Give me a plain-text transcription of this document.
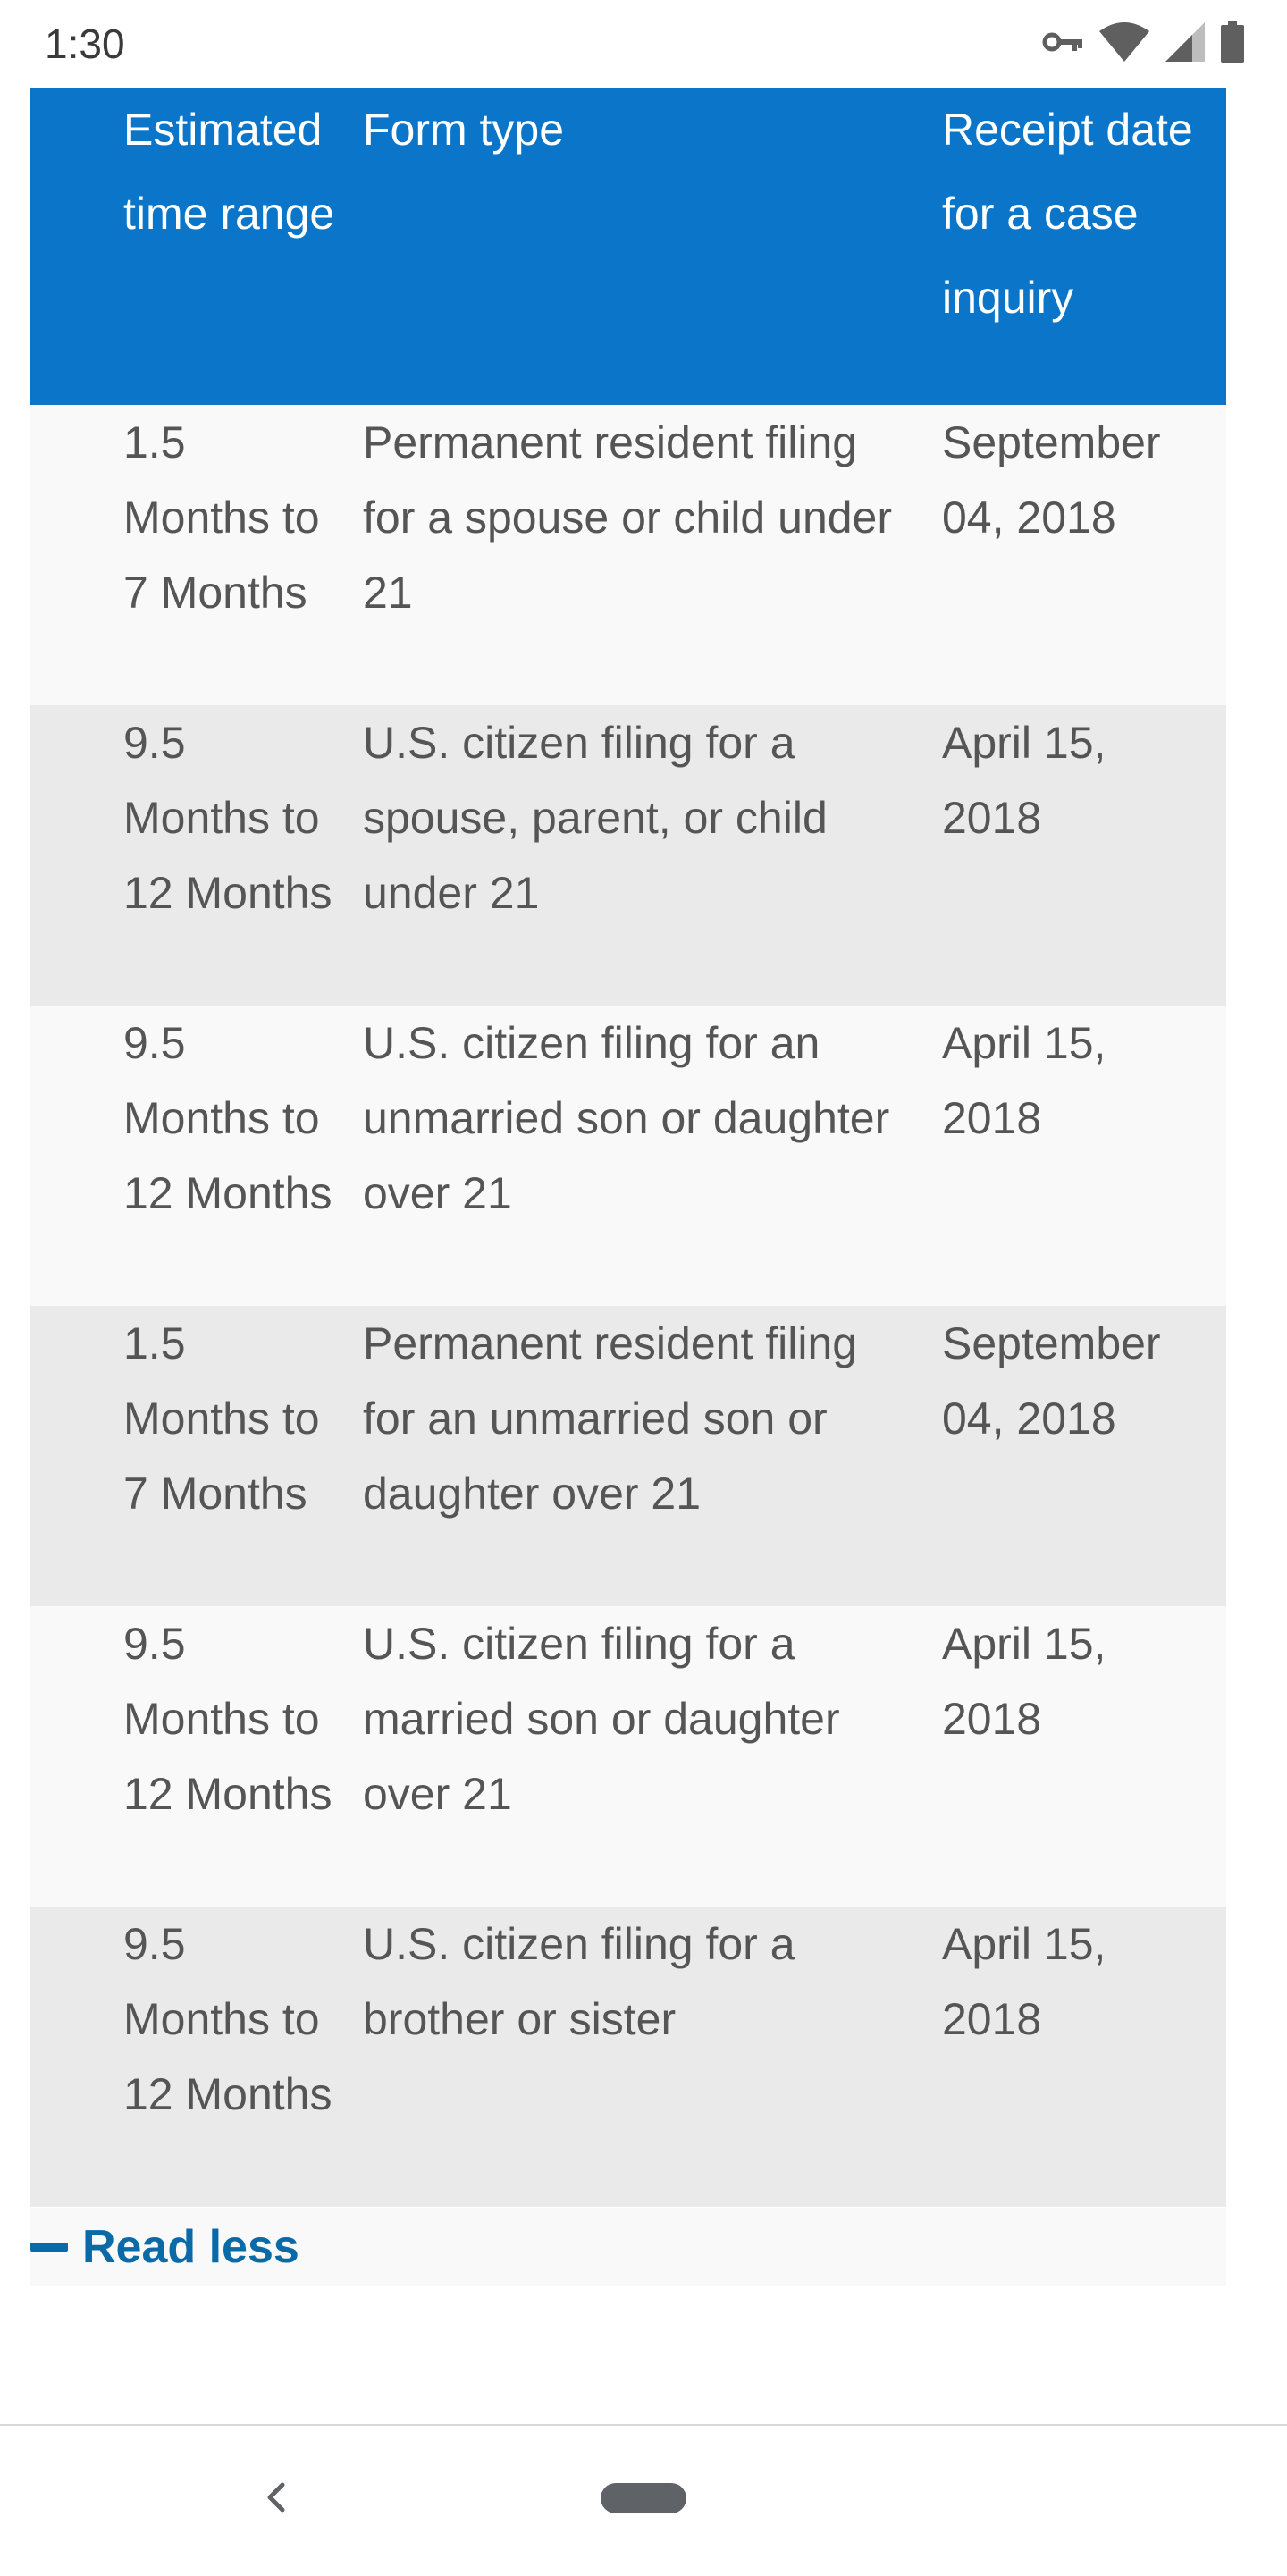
1:30
Estimated time range	Form type	Receipt date for a case inquiry
1.5 Months to 7 Months	Permanent resident filing for a spouse or child under 21	September 04, 2018
9.5 Months to 12 Months	U.S. citizen filing for a spouse, parent, or child under 21	April 15, 2018
9.5 Months to 12 Months	U.S. citizen filing for an unmarried son or daughter over 21	April 15, 2018
1.5 Months to 7 Months	Permanent resident filing for an unmarried son or daughter over 21	September 04, 2018
9.5 Months to 12 Months	U.S. citizen filing for a married son or daughter over 21	April 15, 2018
9.5 Months to 12 Months	U.S. citizen filing for a brother or sister	April 15, 2018
Read less
